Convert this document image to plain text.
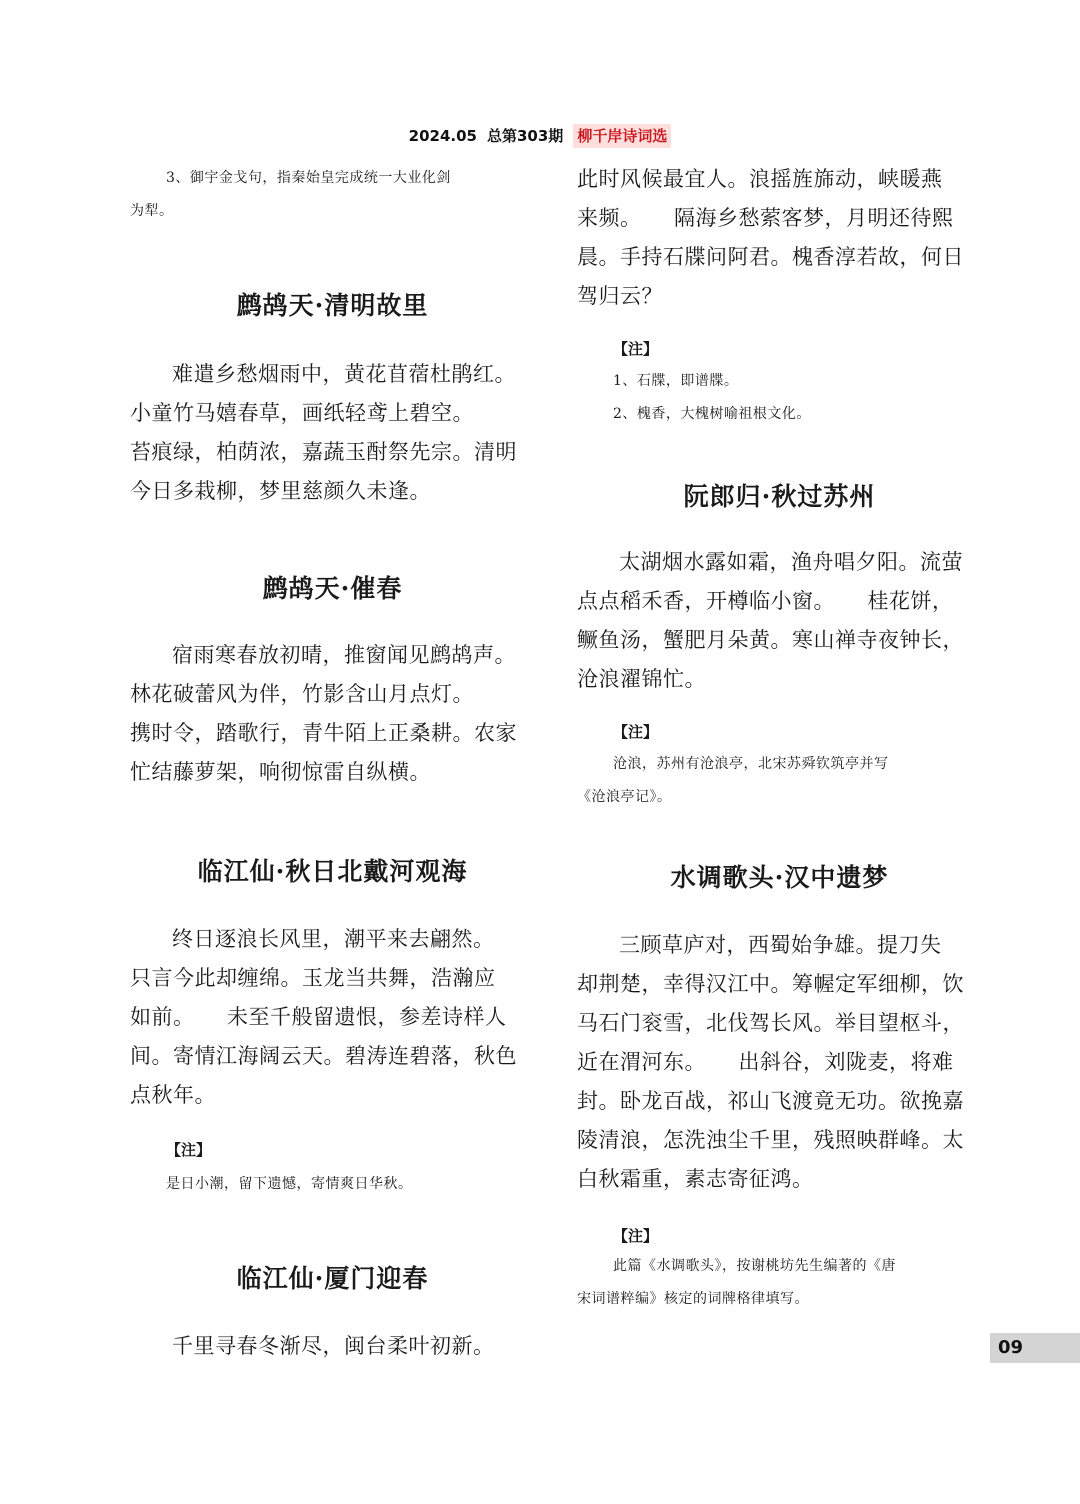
2024.05 总第303期 柳千岸诗词选
3、御宇金戈句，指秦始皇完成统一大业化剑
为犁。
鹧鸪天·清明故里
难遣乡愁烟雨中，黄花苜蓿杜鹃红。
小童竹马嬉春草，画纸轻鸢上碧空。
苔痕绿，柏荫浓，嘉蔬玉酎祭先宗。清明
今日多栽柳，梦里慈颜久未逢。
鹧鸪天·催春
宿雨寒春放初晴，推窗闻见鹧鸪声。
林花破蕾风为伴，竹影含山月点灯。
携时令，踏歌行，青牛陌上正桑耕。农家
忙结藤萝架，响彻惊雷自纵横。
临江仙·秋日北戴河观海
终日逐浪长风里，潮平来去翩然。
只言今此却缠绵。玉龙当共舞，浩瀚应
如前。　　未至千般留遗恨，参差诗样人
间。寄情江海阔云天。碧涛连碧落，秋色
点秋年。
【注】
是日小潮，留下遗憾，寄情爽日华秋。
临江仙·厦门迎春
千里寻春冬渐尽，闽台柔叶初新。
此时风候最宜人。浪摇旌旆动，峡暖燕
来频。　　隔海乡愁萦客梦，月明还待熙
晨。手持石牒问阿君。槐香淳若故，何日
驾归云？
【注】
1、石牒，即谱牒。
2、槐香，大槐树喻祖根文化。
阮郎归·秋过苏州
太湖烟水露如霜，渔舟唱夕阳。流萤
点点稻禾香，开樽临小窗。　　桂花饼，
鳜鱼汤，蟹肥月朵黄。寒山禅寺夜钟长，
沧浪濯锦忙。
【注】
沧浪，苏州有沧浪亭，北宋苏舜钦筑亭并写
《沧浪亭记》。
水调歌头·汉中遗梦
三顾草庐对，西蜀始争雄。提刀失
却荆楚，幸得汉江中。筹幄定军细柳，饮
马石门衮雪，北伐驾长风。举目望枢斗，
近在渭河东。　　出斜谷，刘陇麦，将难
封。卧龙百战，祁山飞渡竟无功。欲挽嘉
陵清浪，怎洗浊尘千里，残照映群峰。太
白秋霜重，素志寄征鸿。
【注】
此篇《水调歌头》，按谢桃坊先生编著的《唐
宋词谱粹编》核定的词牌格律填写。
09
